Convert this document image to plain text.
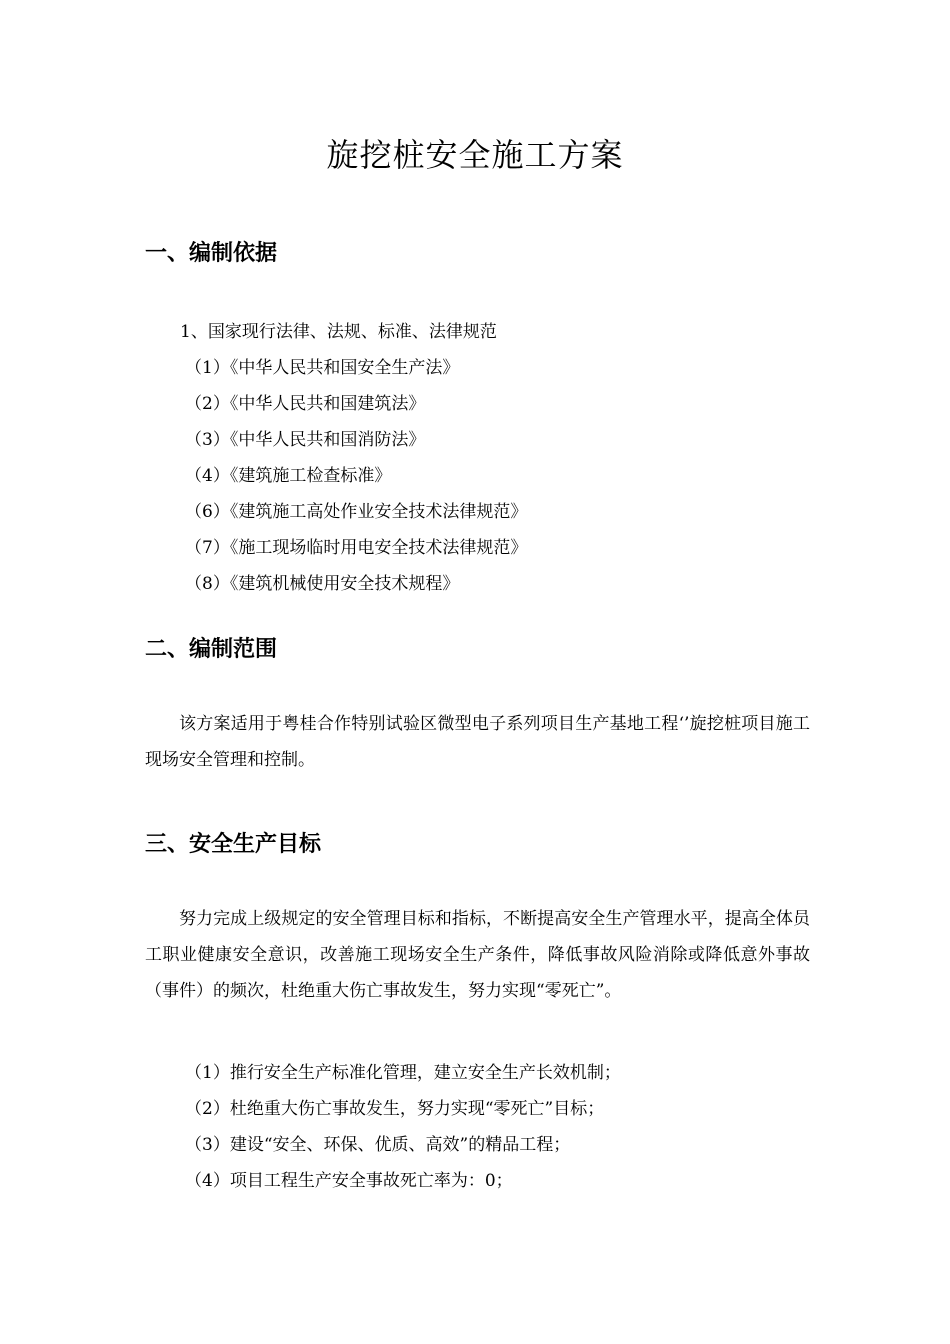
旋挖桩安全施工方案
一、编制依据
1、国家现行法律、法规、标准、法律规范
（1）《中华人民共和国安全生产法》
（2）《中华人民共和国建筑法》
（3）《中华人民共和国消防法》
（4）《建筑施工检查标准》
（6）《建筑施工高处作业安全技术法律规范》
（7）《施工现场临时用电安全技术法律规范》
（8）《建筑机械使用安全技术规程》
二、编制范围

该方案适用于粤桂合作特别试验区微型电子系列项目生产基地工程‘’旋挖桩项目施工现场安全管理和控制。

三、安全生产目标

努力完成上级规定的安全管理目标和指标，不断提高安全生产管理水平，提高全体员工职业健康安全意识，改善施工现场安全生产条件，降低事故风险消除或降低意外事故（事件）的频次，杜绝重大伤亡事故发生，努力实现“零死亡”。

（1）推行安全生产标准化管理，建立安全生产长效机制；
（2）杜绝重大伤亡事故发生，努力实现“零死亡”目标；
（3）建设“安全、环保、优质、高效”的精品工程；
（4）项目工程生产安全事故死亡率为：0；
